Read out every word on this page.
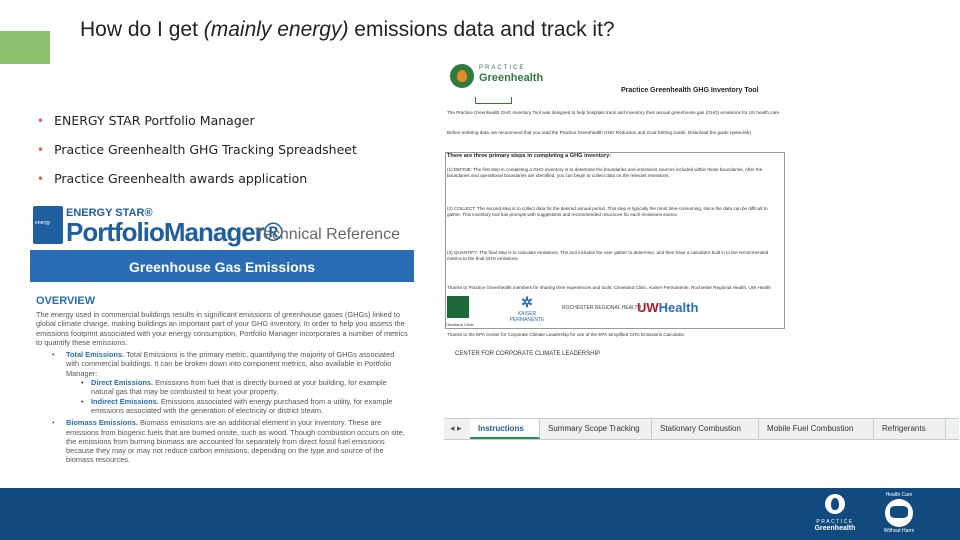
How do I get (mainly energy) emissions data and track it?
• ENERGY STAR Portfolio Manager
• Practice Greenhealth GHG Tracking Spreadsheet
• Practice Greenhealth awards application
energy
ENERGY STAR®
PortfolioManager®
Technical Reference
Greenhouse Gas Emissions
OVERVIEW
The energy used in commercial buildings results in significant emissions of greenhouse gases (GHGs) linked to global climate change, making buildings an important part of your GHG inventory. In order to help you assess the emissions footprint associated with your energy consumption, Portfolio Manager incorporates a number of metrics to quantify these emissions.
• Total Emissions. Total Emissions is the primary metric, quantifying the majority of GHGs associated with commercial buildings. It can be broken down into component metrics, also available in Portfolio Manager:
• Direct Emissions. Emissions from fuel that is directly burned at your building, for example natural gas that may be combusted to heat your property.
• Indirect Emissions. Emissions associated with energy purchased from a utility, for example emissions associated with the generation of electricity or district steam.
• Biomass Emissions. Biomass emissions are an additional element in your inventory. These are emissions from biogenic fuels that are burned onsite, such as wood. Though combustion occurs on site, the emissions from burning biomass are accounted for separately from direct fossil fuel emissions because they may or may not reduce carbon emissions, depending on the type and source of the biomass resources.
PRACTICE
Greenhealth
Practice Greenhealth GHG Inventory Tool
The Practice Greenhealth GHG Inventory Tool was designed to help hospitals track and inventory their annual greenhouse gas (GHG) emissions for US health care.
Before entering data, we recommend that you read the Practice Greenhealth GHG Reduction and Goal Setting Guide. Download the guide (www.link)
There are three primary steps in completing a GHG inventory:
(1) DEFINE: The first step in completing a GHG inventory is to determine the boundaries and emissions sources included within those boundaries. After the boundaries and operational boundaries are identified, you can begin to collect data on the relevant emissions.
(2) COLLECT: The second step is to collect data for the desired annual period. This step is typically the most time-consuming, since the data can be difficult to gather. This inventory tool has prompts with suggestions and recommended resources for each emissions source.
(3) QUANTIFY: The final step is to calculate emissions. The tool includes the user gather to determine, and then have a calculator built in to the recommended metrics to the final GHG emissions.
Thanks to Practice Greenhealth members for sharing their experiences and tools: Cleveland Clinic, Kaiser Permanente, Rochester Regional Health, UW Health
Cleveland Clinic
✲
KAISER PERMANENTE
ROCHESTER REGIONAL HEALTH
UWHealth
Thanks to the EPA Center for Corporate Climate Leadership for use of the EPA Simplified GHG Emissions Calculator.
CENTER FOR CORPORATE CLIMATE LEADERSHIP
◂ ▸	Instructions	Summary Scope Tracking	Stationary Combustion	Mobile Fuel Combustion	Refrigerants
PRACTICE
Greenhealth
Health Care
Without Harm
